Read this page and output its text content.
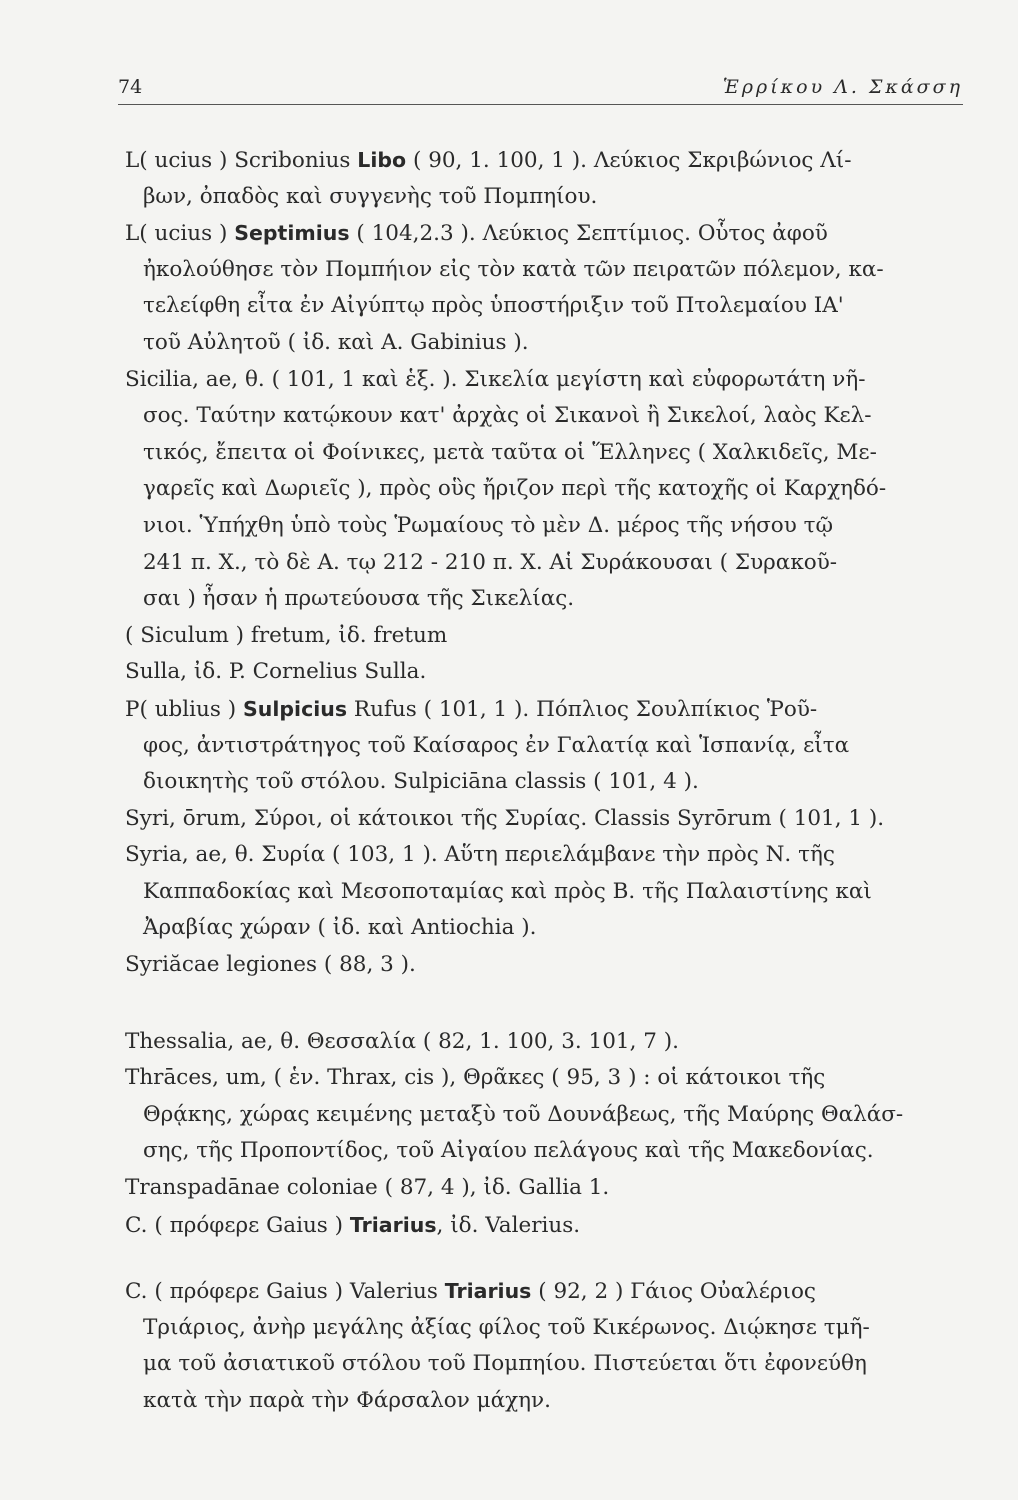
74	Ἑρρίκου Λ. Σκάσση
L( ucius ) Scribonius Libo ( 90, 1. 100, 1 ). Λεύκιος Σκριβώνιος Λί-
βων, ὀπαδὸς καὶ συγγενὴς τοῦ Πομπηίου.
L( ucius ) Septimius ( 104,2.3 ). Λεύκιος Σεπτίμιος. Οὗτος ἀφοῦ
ἠκολούθησε τὸν Πομπήιον εἰς τὸν κατὰ τῶν πειρατῶν πόλεμον, κα-
τελείφθη εἶτα ἐν Αἰγύπτῳ πρὸς ὑποστήριξιν τοῦ Πτολεμαίου ΙΑ'
τοῦ Αὐλητοῦ ( ἰδ. καὶ A. Gabinius ).
Sicilia, ae, θ. ( 101, 1 καὶ ἑξ. ). Σικελία μεγίστη καὶ εὐφορωτάτη νῆ-
σος. Ταύτην κατῴκουν κατ' ἀρχὰς οἱ Σικανοὶ ἢ Σικελοί, λαὸς Κελ-
τικός, ἔπειτα οἱ Φοίνικες, μετὰ ταῦτα οἱ Ἕλληνες ( Χαλκιδεῖς, Με-
γαρεῖς καὶ Δωριεῖς ), πρὸς οὓς ἤριζον περὶ τῆς κατοχῆς οἱ Καρχηδό-
νιοι. Ὑπήχθη ὑπὸ τοὺς Ῥωμαίους τὸ μὲν Δ. μέρος τῆς νήσου τῷ
241 π. Χ., τὸ δὲ Α. τῳ 212 - 210 π. Χ. Αἱ Συράκουσαι ( Συρακοῦ-
σαι ) ἦσαν ἡ πρωτεύουσα τῆς Σικελίας.
( Siculum ) fretum, ἰδ. fretum
Sulla, ἰδ. P. Cornelius Sulla.
P( ublius ) Sulpicius Rufus ( 101, 1 ). Πόπλιος Σουλπίκιος Ῥοῦ-
φος, ἀντιστράτηγος τοῦ Καίσαρος ἐν Γαλατίᾳ καὶ Ἱσπανίᾳ, εἶτα
διοικητὴς τοῦ στόλου. Sulpiciāna classis ( 101, 4 ).
Syri, ōrum, Σύροι, οἱ κάτοικοι τῆς Συρίας. Classis Syrōrum ( 101, 1 ).
Syria, ae, θ. Συρία ( 103, 1 ). Αὕτη περιελάμβανε τὴν πρὸς Ν. τῆς
Καππαδοκίας καὶ Μεσοποταμίας καὶ πρὸς Β. τῆς Παλαιστίνης καὶ
Ἀραβίας χώραν ( ἰδ. καὶ Antiochia ).
Syriăcae legiones ( 88, 3 ).
Thessalia, ae, θ. Θεσσαλία ( 82, 1. 100, 3. 101, 7 ).
Thrāces, um, ( ἑν. Thrax, cis ), Θρᾶκες ( 95, 3 ) : οἱ κάτοικοι τῆς
Θρᾴκης, χώρας κειμένης μεταξὺ τοῦ Δουνάβεως, τῆς Μαύρης Θαλάσ-
σης, τῆς Προποντίδος, τοῦ Αἰγαίου πελάγους καὶ τῆς Μακεδονίας.
Transpadānae coloniae ( 87, 4 ), ἰδ. Gallia 1.
C. ( πρόφερε Gaius ) Triarius, ἰδ. Valerius.
C. ( πρόφερε Gaius ) Valerius Triarius ( 92, 2 ) Γάιος Οὐαλέριος
Τριάριος, ἀνὴρ μεγάλης ἀξίας φίλος τοῦ Κικέρωνος. Διῴκησε τμῆ-
μα τοῦ ἀσιατικοῦ στόλου τοῦ Πομπηίου. Πιστεύεται ὅτι ἐφονεύθη
κατὰ τὴν παρὰ τὴν Φάρσαλον μάχην.
